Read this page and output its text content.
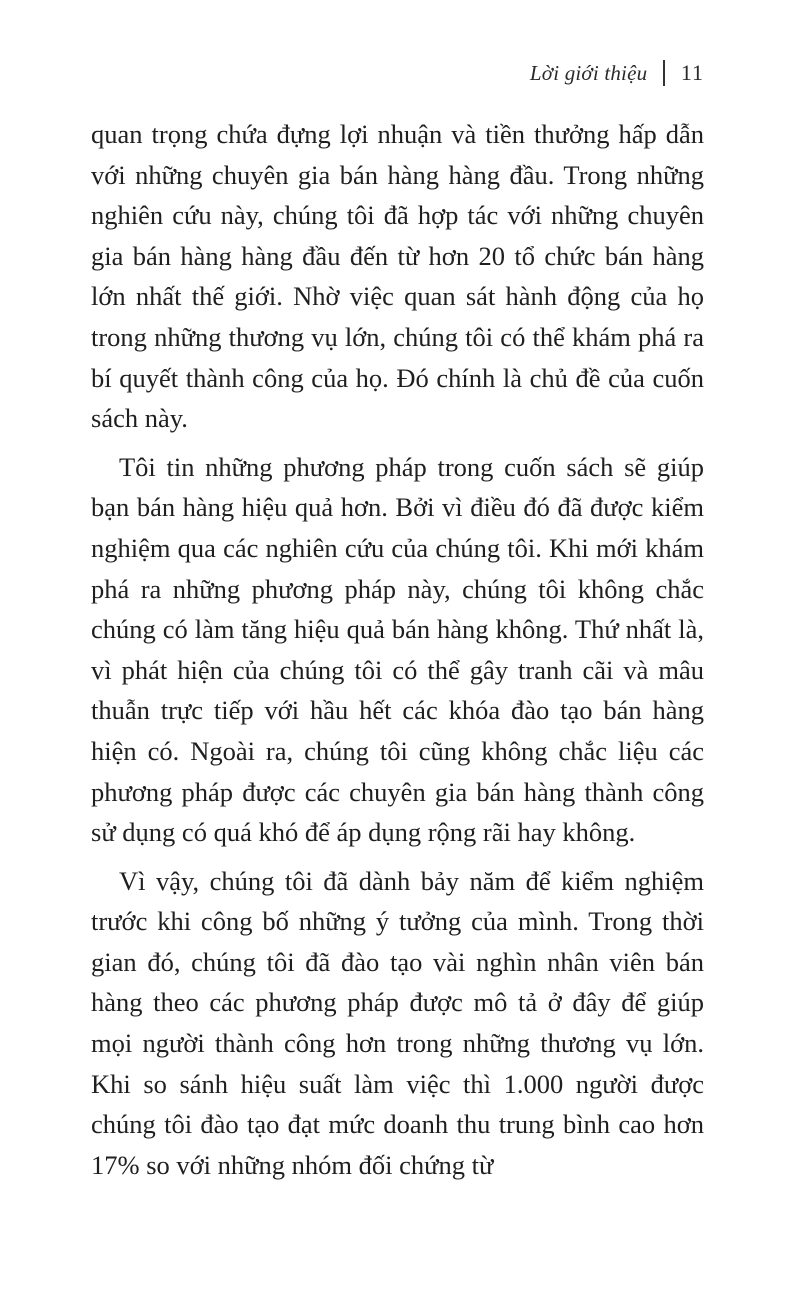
Lời giới thiệu 11

quan trọng chứa đựng lợi nhuận và tiền thưởng hấp dẫn với những chuyên gia bán hàng hàng đầu. Trong những nghiên cứu này, chúng tôi đã hợp tác với những chuyên gia bán hàng hàng đầu đến từ hơn 20 tổ chức bán hàng lớn nhất thế giới. Nhờ việc quan sát hành động của họ trong những thương vụ lớn, chúng tôi có thể khám phá ra bí quyết thành công của họ. Đó chính là chủ đề của cuốn sách này.

Tôi tin những phương pháp trong cuốn sách sẽ giúp bạn bán hàng hiệu quả hơn. Bởi vì điều đó đã được kiểm nghiệm qua các nghiên cứu của chúng tôi. Khi mới khám phá ra những phương pháp này, chúng tôi không chắc chúng có làm tăng hiệu quả bán hàng không. Thứ nhất là, vì phát hiện của chúng tôi có thể gây tranh cãi và mâu thuẫn trực tiếp với hầu hết các khóa đào tạo bán hàng hiện có. Ngoài ra, chúng tôi cũng không chắc liệu các phương pháp được các chuyên gia bán hàng thành công sử dụng có quá khó để áp dụng rộng rãi hay không.

Vì vậy, chúng tôi đã dành bảy năm để kiểm nghiệm trước khi công bố những ý tưởng của mình. Trong thời gian đó, chúng tôi đã đào tạo vài nghìn nhân viên bán hàng theo các phương pháp được mô tả ở đây để giúp mọi người thành công hơn trong những thương vụ lớn. Khi so sánh hiệu suất làm việc thì 1.000 người được chúng tôi đào tạo đạt mức doanh thu trung bình cao hơn 17% so với những nhóm đối chứng từ
